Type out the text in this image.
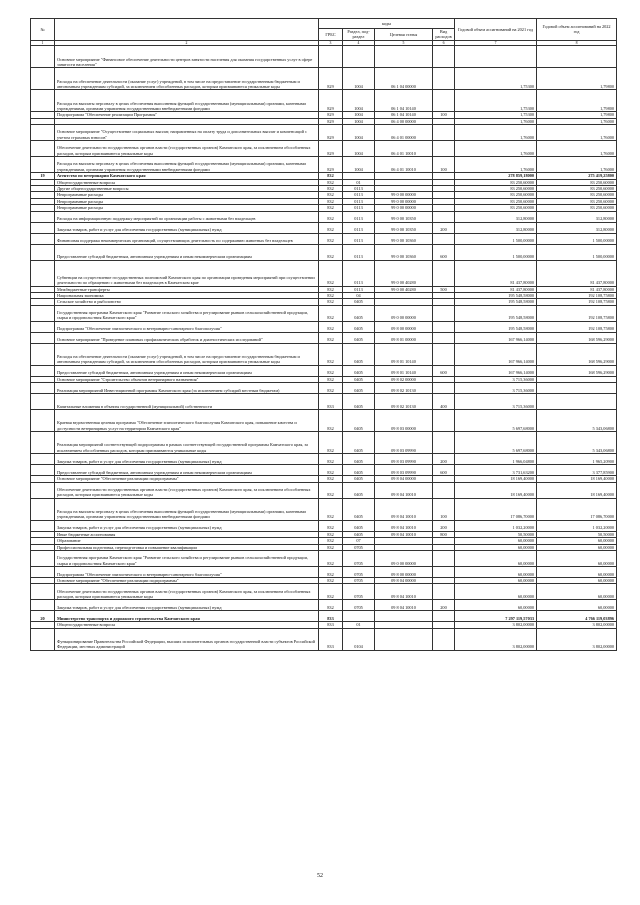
№		коды				Годовой объем ассигнований на 2021 год	Годовой объем ассигнований на 2022 год
		ГРБС	Раздел, под-раздел	Целевая статья	Вид расходов		
1	2	3	4	5	6	7	8
	Основное мероприятие "Финансовое обеспечение деятельности центров занятости населения для оказания государственных услуг в сфере занятости населения"						
	Расходы на обеспечение деятельности (оказание услуг) учреждений, в том числе на предоставление государственным бюджетным и автономным учреждениям субсидий, за исключением обособленных расходов, которым присваиваются уникальные коды	829	1004	06 1 04 00000		1,75300	1,79800
	Расходы на выплаты персоналу в целях обеспечения выполнения функций государственными (муниципальными) органами, казенными учреждениями, органами управления государственными внебюджетными фондами	829	1004	06 1 04 10140		1,75300	1,79800
	Подпрограмма "Обеспечение реализации Программы"	829	1004	06 1 04 10140	100	1,75300	1,79800
		829	1004	06 4 00 00000		1,76000	1,76000
	Основное мероприятие "Осуществление социальных выплат, направленных на оплату труда и дополнительных выплат и компенсаций с учетом страховых взносов"	829	1004	06 4 01 00000		1,76000	1,76000
	Обеспечение деятельности государственных органов власти (государственных органов) Камчатского края, за исключением обособленных расходов, которым присваиваются уникальные коды	829	1004	06 4 01 10010		1,76000	1,76000
	Расходы на выплаты персоналу в целях обеспечения выполнения функций государственными (муниципальными) органами, казенными учреждениями, органами управления государственными внебюджетными фондами	829	1004	06 4 01 10010	100	1,76000	1,76000
19	Агентство по ветеринарии Камчатского края	832				278 859,18000	275 419,25800
	Общегосударственные вопросы	832	01			83 250,60000	83 250,60000
	Другие общегосударственные вопросы	832	0113			83 250,60000	83 250,60000
	Непрограммные расходы	832	0113	99 0 00 00000		83 250,60000	83 250,60000
	Непрограммные расходы	832	0113	99 0 00 00000		83 250,60000	83 250,60000
	Непрограммные расходы	832	0113	99 0 00 00000		83 250,60000	83 250,60000
	Расходы на информационную поддержку мероприятий по организации работы с животными без владельцев	832	0113	99 0 00 10350		312,80000	312,80000
	Закупка товаров, работ и услуг для обеспечения государственных (муниципальных) нужд	832	0113	99 0 00 10350	200	312,80000	312,80000
	Финансовая поддержка некоммерческих организаций, осуществляющих деятельность по содержанию животных без владельцев	832	0113	99 0 00 10360		1 500,00000	1 500,00000
	Предоставление субсидий бюджетным, автономным учреждениям и иным некоммерческим организациям	832	0113	99 0 00 10360	600	1 500,00000	1 500,00000
	Субвенции на осуществление государственных полномочий Камчатского края по организации проведения мероприятий при осуществлении деятельности по обращению с животными без владельцев в Камчатском крае	832	0113	99 0 00 40280		81 437,80000	81 437,80000
	Межбюджетные трансферты	832	0113	99 0 00 40280	500	81 437,80000	81 437,80000
	Национальная экономика	832	04			195 548,58000	192 108,75800
	Сельское хозяйство и рыболовство	832	0405			195 548,58000	192 108,75800
	Государственная программа Камчатского края "Развитие сельского хозяйства и регулирование рынков сельскохозяйственной продукции, сырья и продовольствия Камчатского края"	832	0405	09 0 00 00000		195 548,58000	192 108,75800
	Подпрограмма "Обеспечение эпизоотического и ветеринарно-санитарного благополучия"	832	0405	09 8 00 00000		195 548,58000	192 108,75800
	Основное мероприятие "Проведение плановых профилактических обработок и диагностических исследований"	832	0405	09 8 01 00000		167 966,14000	168 596,29000
	Расходы на обеспечение деятельности (оказание услуг) учреждений, в том числе на предоставление государственным бюджетным и автономным учреждениям субсидий, за исключением обособленных расходов, которым присваиваются уникальные коды	832	0405	09 8 01 10140		167 966,14000	168 596,29000
	Предоставление субсидий бюджетным, автономным учреждениям и иным некоммерческим организациям	832	0405	09 8 01 10140	600	167 966,14000	168 596,29000
	Основное мероприятие "Строительство объектов ветеринарного назначения"	832	0405	09 8 02 00000		3 715,36000	
	Реализация мероприятий Инвестиционной программы Камчатского края (за исключением субсидий местным бюджетам)	832	0405	09 8 02 10130		3 715,36000	
	Капитальные вложения в объекты государственной (муниципальной) собственности	833	0405	09 8 02 10130	400	3 715,36000	
	Краевая ведомственная целевая программа "Обеспечение эпизоотического благополучия Камчатского края, повышение качества и доступности ветеринарных услуг на территории Камчатского края"	832	0405	09 8 03 00000		5 697,68000	5 343,06800
	Реализация мероприятий соответствующей подпрограммы в рамках соответствующей государственной программы Камчатского края, за исключением обособленных расходов, которым присваиваются уникальные коды	832	0405	09 8 03 09990		5 697,68000	5 343,06800
	Закупка товаров, работ и услуг для обеспечения государственных (муниципальных) нужд	832	0405	09 8 03 09990	200	1 966,04800	1 965,20900
	Предоставление субсидий бюджетным, автономным учреждениям и иным некоммерческим организациям	832	0405	09 8 03 09990	600	3 731,63200	3 377,85900
	Основное мероприятие "Обеспечение реализации подпрограммы"	832	0405	09 8 04 00000		18 169,40000	18 169,40000
	Обеспечение деятельности государственных органов власти (государственных органов) Камчатского края, за исключением обособленных расходов, которым присваиваются уникальные коды	832	0405	09 8 04 10010		18 169,40000	18 169,40000
	Расходы на выплаты персоналу в целях обеспечения выполнения функций государственными (муниципальными) органами, казенными учреждениями, органами управления государственными внебюджетными фондами	832	0405	09 8 04 10010	100	17 086,70000	17 086,70000
	Закупка товаров, работ и услуг для обеспечения государственных (муниципальных) нужд	832	0405	09 8 04 10010	200	1 032,20000	1 032,20000
	Иные бюджетные ассигнования	832	0405	09 8 04 10010	800	50,50000	50,50000
	Образование	832	07			60,00000	60,00000
	Профессиональная подготовка, переподготовка и повышение квалификации	832	0705			60,00000	60,00000
	Государственная программа Камчатского края "Развитие сельского хозяйства и регулирование рынков сельскохозяйственной продукции, сырья и продовольствия Камчатского края"	832	0705	09 0 00 00000		60,00000	60,00000
	Подпрограмма "Обеспечение эпизоотического и ветеринарно-санитарного благополучия"	832	0705	09 8 00 00000		60,00000	60,00000
	Основное мероприятие "Обеспечение реализации подпрограммы"	832	0705	09 8 04 00000		60,00000	60,00000
	Обеспечение деятельности государственных органов власти (государственных органов) Камчатского края, за исключением обособленных расходов, которым присваиваются уникальные коды	832	0705	09 8 04 10010		60,00000	60,00000
	Закупка товаров, работ и услуг для обеспечения государственных (муниципальных) нужд	832	0705	09 8 04 10010	200	60,00000	60,00000
20	Министерство транспорта и дорожного строительства Камчатского края	833				7 297 119,57033	4 766 119,03896
	Общегосударственные вопросы	833	01			3 802,00000	3 802,00000
	Функционирование Правительства Российской Федерации, высших исполнительных органов государственной власти субъектов Российской Федерации, местных администраций	833	0104			3 802,00000	3 802,00000
52
